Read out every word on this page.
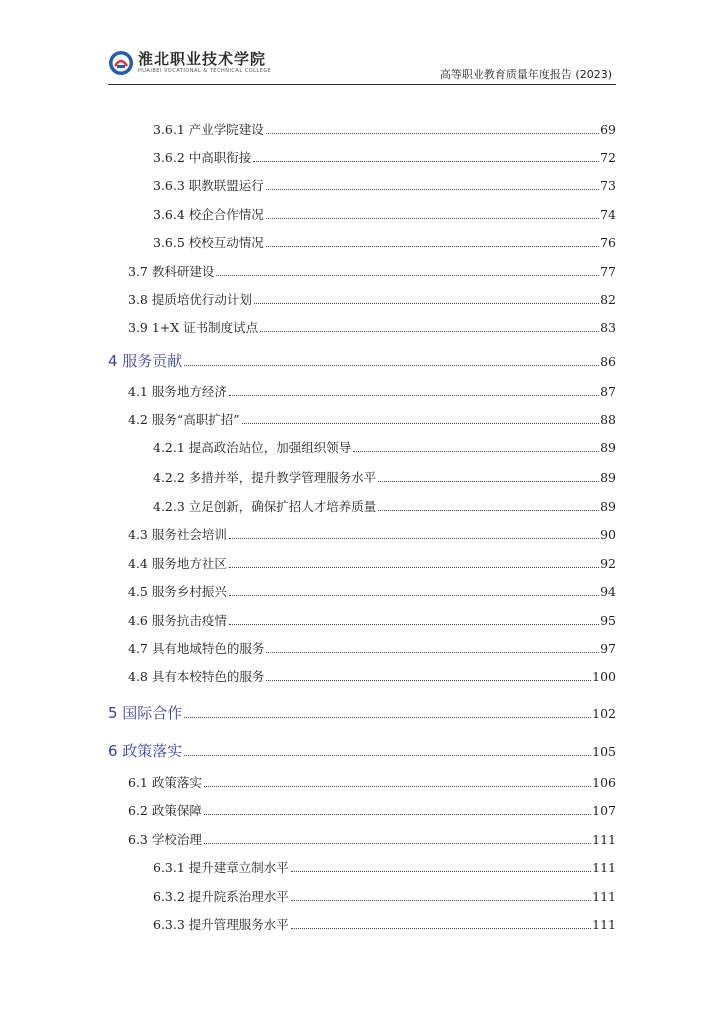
淮北职业技术学院
HUAIBEI VOCATIONAL & TECHNICAL COLLEGE	高等职业教育质量年度报告 (2023)
3.6.1 产业学院建设	69
3.6.2 中高职衔接	72
3.6.3 职教联盟运行	73
3.6.4 校企合作情况	74
3.6.5 校校互动情况	76
3.7 教科研建设	77
3.8 提质培优行动计划	82
3.9 1+X 证书制度试点	83
4 服务贡献	86
4.1 服务地方经济	87
4.2 服务“高职扩招”	88
4.2.1 提高政治站位，加强组织领导	89
4.2.2 多措并举，提升教学管理服务水平	89
4.2.3 立足创新，确保扩招人才培养质量	89
4.3 服务社会培训	90
4.4 服务地方社区	92
4.5 服务乡村振兴	94
4.6 服务抗击疫情	95
4.7 具有地域特色的服务	97
4.8 具有本校特色的服务	100
5 国际合作	102
6 政策落实	105
6.1 政策落实	106
6.2 政策保障	107
6.3 学校治理	111
6.3.1 提升建章立制水平	111
6.3.2 提升院系治理水平	111
6.3.3 提升管理服务水平	111
